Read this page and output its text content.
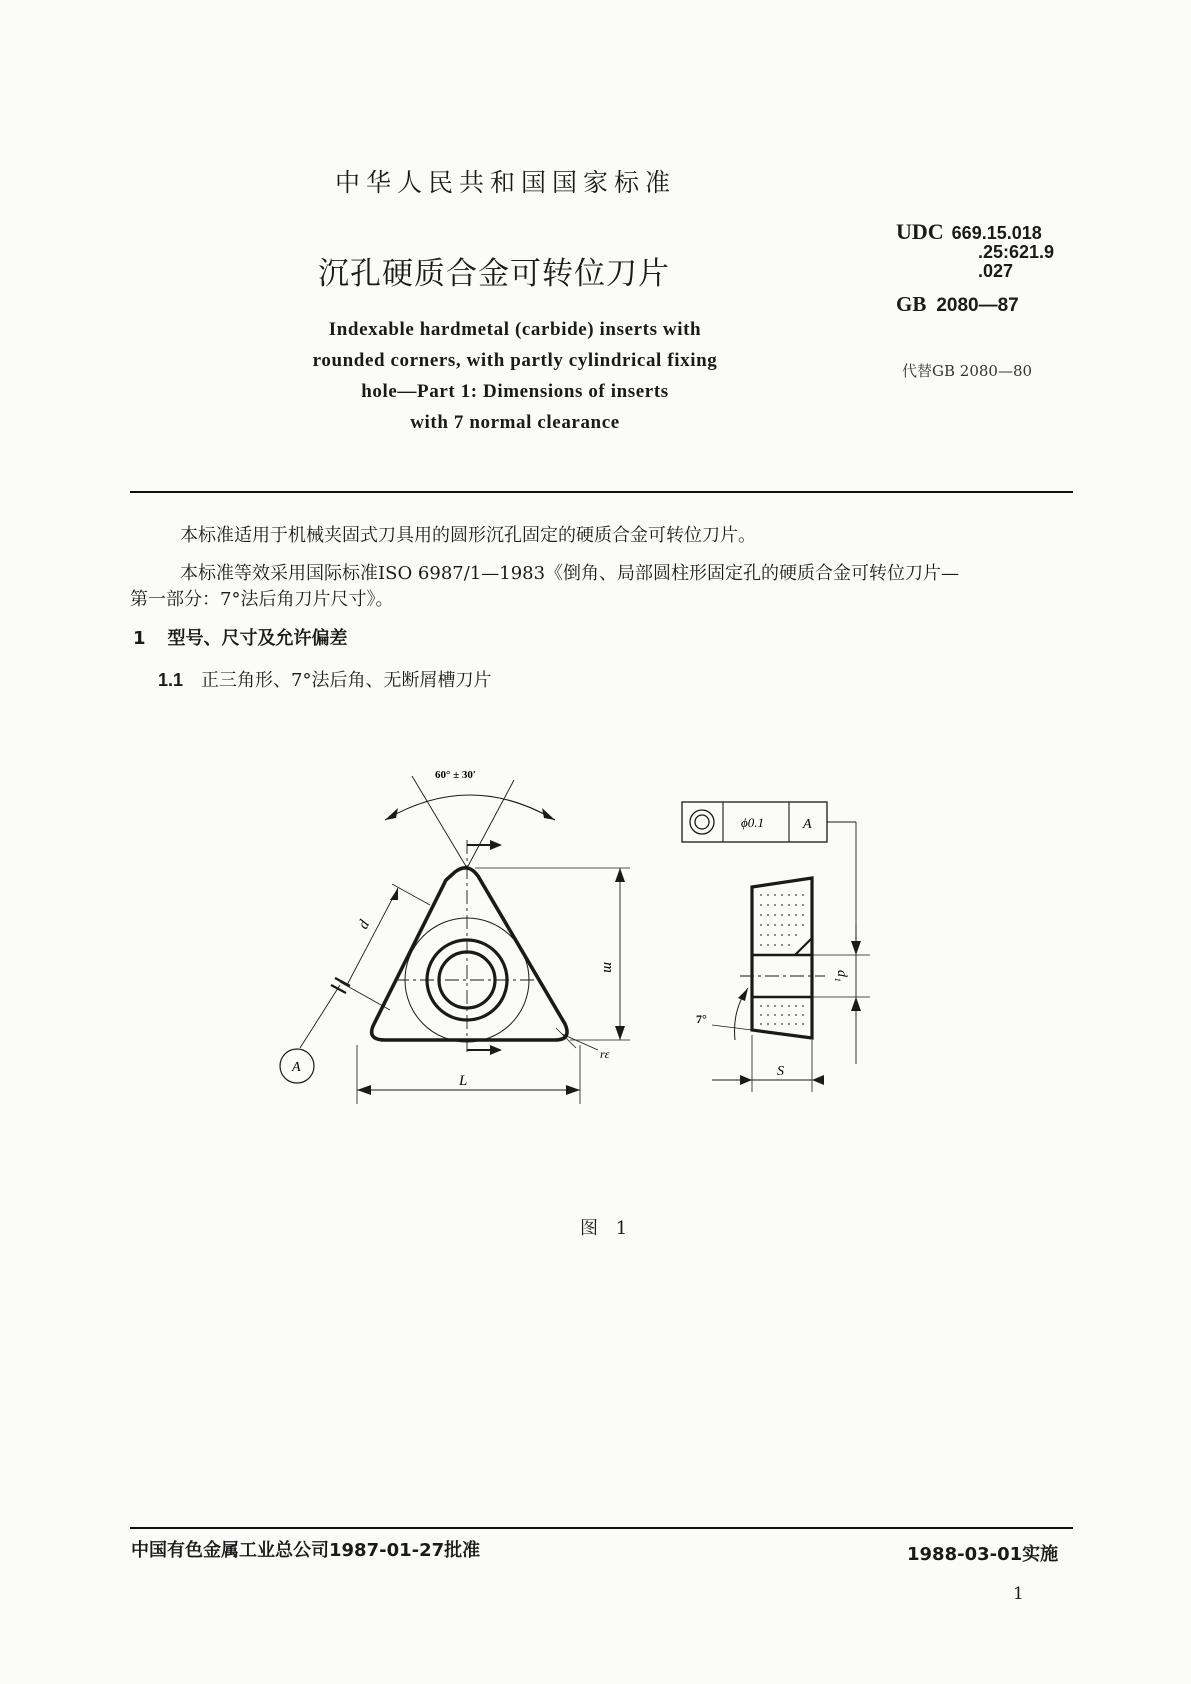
中华人民共和国国家标准
沉孔硬质合金可转位刀片
Indexable hardmetal (carbide) inserts with
rounded corners, with partly cylindrical fixing
hole—Part 1: Dimensions of inserts
with 7 normal clearance
UDC 669.15.018
.25:621.9
.027
GB 2080—87
代替GB 2080—80
本标准适用于机械夹固式刀具用的圆形沉孔固定的硬质合金可转位刀片。
本标准等效采用国际标准ISO 6987/1—1983《倒角、局部圆柱形固定孔的硬质合金可转位刀片—
第一部分：7°法后角刀片尺寸》。
1 型号、尺寸及允许偏差
1.1 正三角形、7°法后角、无断屑槽刀片
60° ± 30′
d
m
L
A
rε
ϕ0.1	A
d₁
7°
S
图 1
中国有色金属工业总公司1987-01-27批准	1988-03-01实施
1
